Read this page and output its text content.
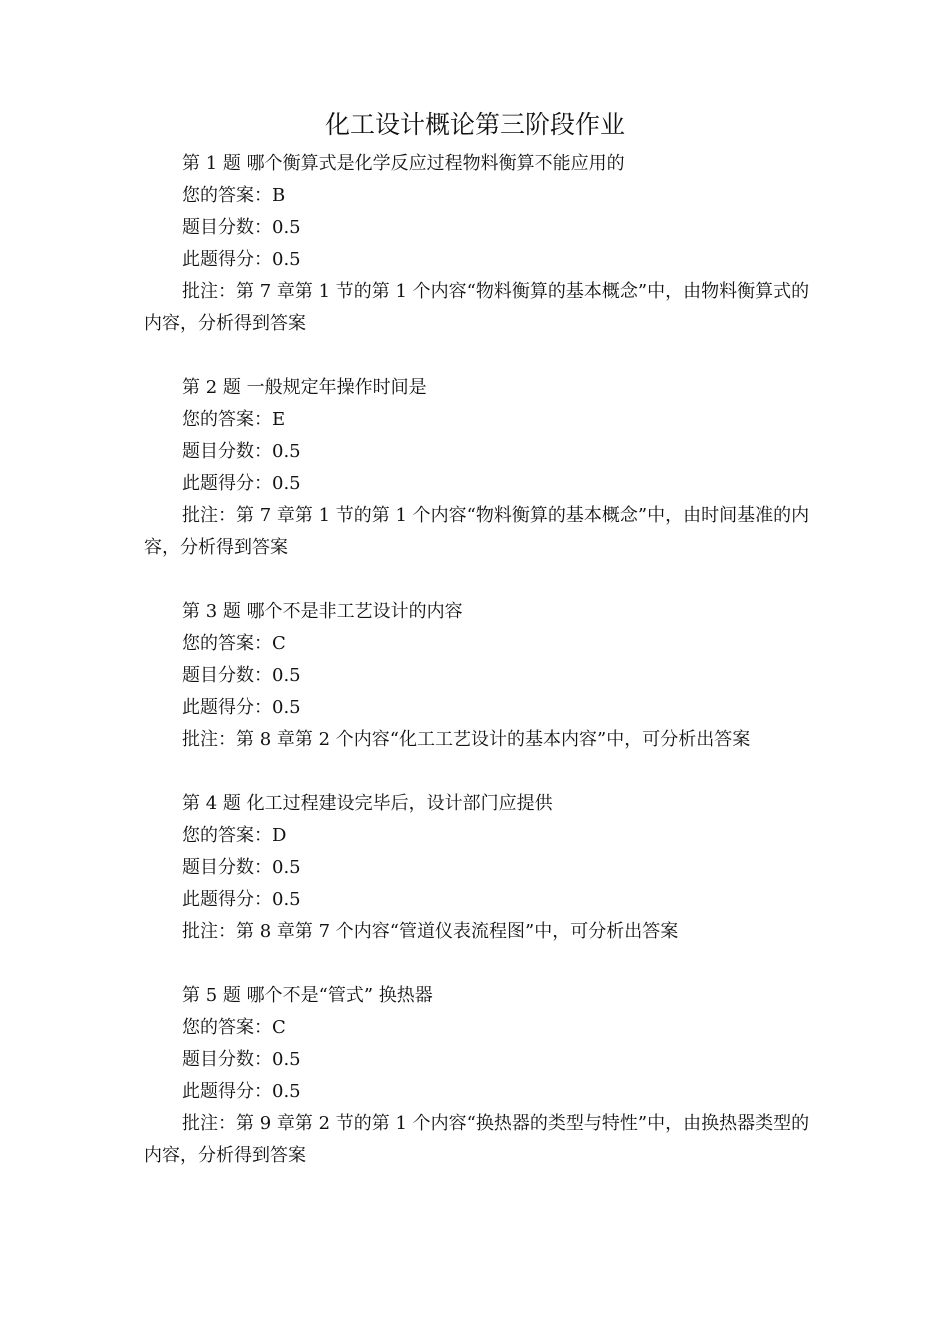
化工设计概论第三阶段作业
第 1 题 哪个衡算式是化学反应过程物料衡算不能应用的
您的答案：B
题目分数：0.5
此题得分：0.5
批注：第 7 章第 1 节的第 1 个内容“物料衡算的基本概念”中，由物料衡算式的内容，分析得到答案
第 2 题 一般规定年操作时间是
您的答案：E
题目分数：0.5
此题得分：0.5
批注：第 7 章第 1 节的第 1 个内容“物料衡算的基本概念”中，由时间基准的内容，分析得到答案
第 3 题 哪个不是非工艺设计的内容
您的答案：C
题目分数：0.5
此题得分：0.5
批注：第 8 章第 2 个内容“化工工艺设计的基本内容”中，可分析出答案
第 4 题 化工过程建设完毕后，设计部门应提供
您的答案：D
题目分数：0.5
此题得分：0.5
批注：第 8 章第 7 个内容“管道仪表流程图”中，可分析出答案
第 5 题 哪个不是“管式” 换热器
您的答案：C
题目分数：0.5
此题得分：0.5
批注：第 9 章第 2 节的第 1 个内容“换热器的类型与特性”中，由换热器类型的内容，分析得到答案
